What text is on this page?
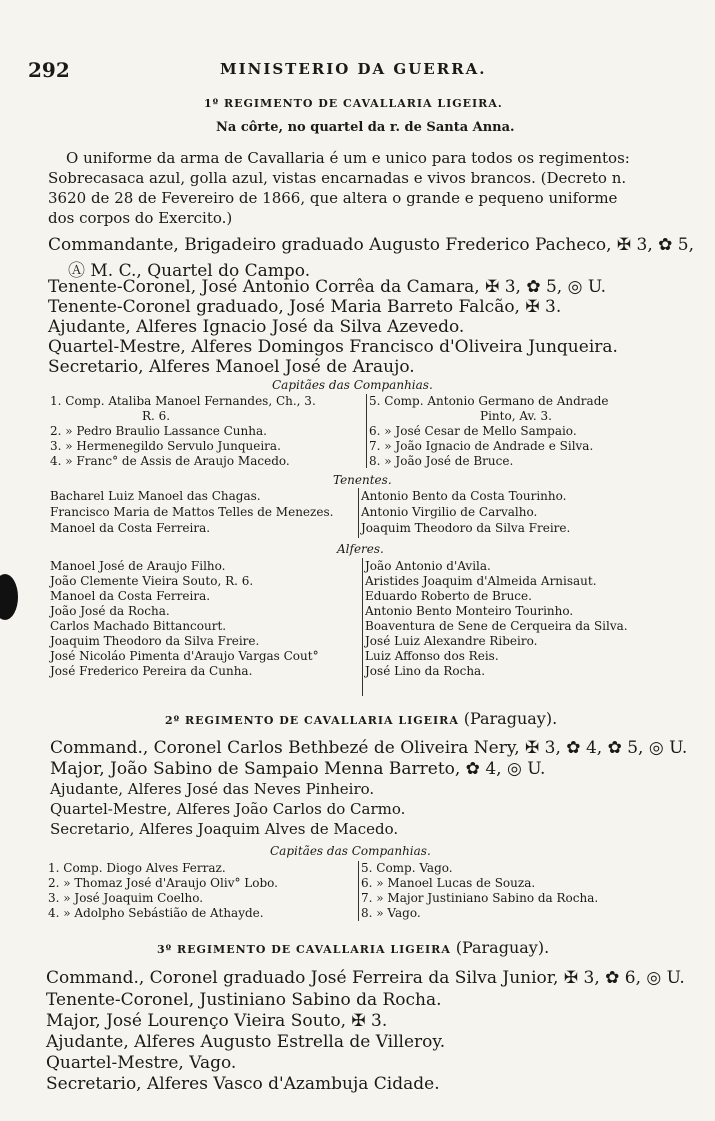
292	MINISTERIO DA GUERRA.
1º REGIMENTO DE CAVALLARIA LIGEIRA.
Na côrte, no quartel da r. de Santa Anna.
O uniforme da arma de Cavallaria é um e unico para todos os regimentos:
Sobrecasaca azul, golla azul, vistas encarnadas e vivos brancos. (Decreto n.
3620 de 28 de Fevereiro de 1866, que altera o grande e pequeno uniforme
dos corpos do Exercito.)
Commandante, Brigadeiro graduado Augusto Frederico Pacheco, ✠ 3, ✿ 5,
Ⓐ M. C., Quartel do Campo.
Tenente-Coronel, José Antonio Corrêa da Camara, ✠ 3, ✿ 5, ◎ U.
Tenente-Coronel graduado, José Maria Barreto Falcão, ✠ 3.
Ajudante, Alferes Ignacio José da Silva Azevedo.
Quartel-Mestre, Alferes Domingos Francisco d'Oliveira Junqueira.
Secretario, Alferes Manoel José de Araujo.
Capitães das Companhias.
1. Comp. Ataliba Manoel Fernandes, Ch., 3.
R. 6.
2. » Pedro Braulio Lassance Cunha.
3. » Hermenegildo Servulo Junqueira.
4. » Franc° de Assis de Araujo Macedo.
5. Comp. Antonio Germano de Andrade
Pinto, Av. 3.
6. » José Cesar de Mello Sampaio.
7. » João Ignacio de Andrade e Silva.
8. » João José de Bruce.
Tenentes.
Bacharel Luiz Manoel das Chagas.
Francisco Maria de Mattos Telles de Menezes.
Manoel da Costa Ferreira.
Antonio Bento da Costa Tourinho.
Antonio Virgilio de Carvalho.
Joaquim Theodoro da Silva Freire.
Alferes.
Manoel José de Araujo Filho.
João Clemente Vieira Souto, R. 6.
Manoel da Costa Ferreira.
João José da Rocha.
Carlos Machado Bittancourt.
Joaquim Theodoro da Silva Freire.
José Nicoláo Pimenta d'Araujo Vargas Cout°
José Frederico Pereira da Cunha.
João Antonio d'Avila.
Aristides Joaquim d'Almeida Arnisaut.
Eduardo Roberto de Bruce.
Antonio Bento Monteiro Tourinho.
Boaventura de Sene de Cerqueira da Silva.
José Luiz Alexandre Ribeiro.
Luiz Affonso dos Reis.
José Lino da Rocha.
2º REGIMENTO DE CAVALLARIA LIGEIRA (Paraguay).
Command., Coronel Carlos Bethbezé de Oliveira Nery, ✠ 3, ✿ 4, ✿ 5, ◎ U.
Major, João Sabino de Sampaio Menna Barreto, ✿ 4, ◎ U.
Ajudante, Alferes José das Neves Pinheiro.
Quartel-Mestre, Alferes João Carlos do Carmo.
Secretario, Alferes Joaquim Alves de Macedo.
Capitães das Companhias.
1. Comp. Diogo Alves Ferraz.
2. » Thomaz José d'Araujo Oliv° Lobo.
3. » José Joaquim Coelho.
4. » Adolpho Sebástião de Athayde.
5. Comp. Vago.
6. » Manoel Lucas de Souza.
7. » Major Justiniano Sabino da Rocha.
8. » Vago.
3º REGIMENTO DE CAVALLARIA LIGEIRA (Paraguay).
Command., Coronel graduado José Ferreira da Silva Junior, ✠ 3, ✿ 6, ◎ U.
Tenente-Coronel, Justiniano Sabino da Rocha.
Major, José Lourenço Vieira Souto, ✠ 3.
Ajudante, Alferes Augusto Estrella de Villeroy.
Quartel-Mestre, Vago.
Secretario, Alferes Vasco d'Azambuja Cidade.
